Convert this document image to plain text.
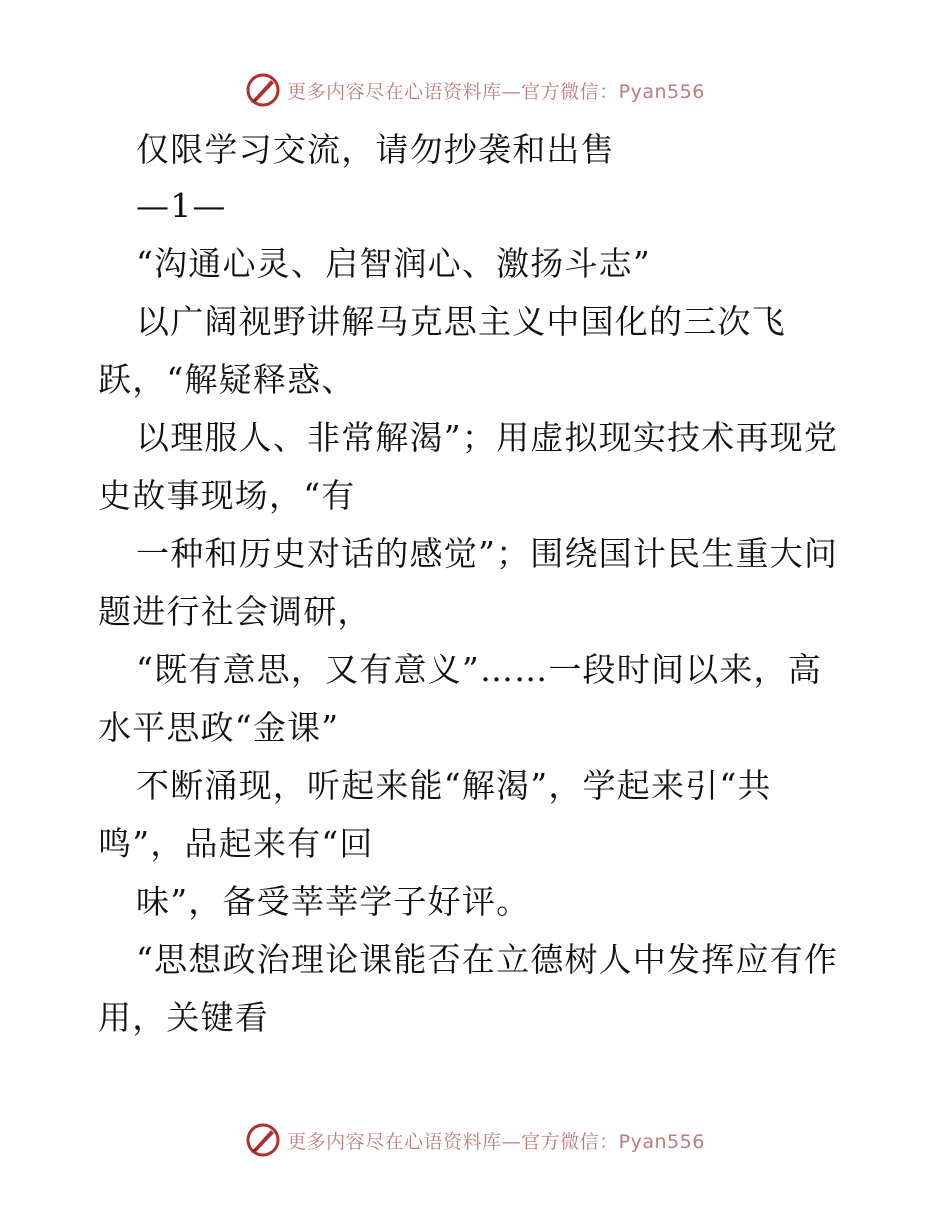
更多内容尽在心语资料库—官方微信：Pyan556
仅限学习交流，请勿抄袭和出售
—1—
“沟通心灵、启智润心、激扬斗志”
以广阔视野讲解马克思主义中国化的三次飞
跃，“解疑释惑、
以理服人、非常解渴”；用虚拟现实技术再现党
史故事现场，“有
一种和历史对话的感觉”；围绕国计民生重大问
题进行社会调研，
“既有意思，又有意义”……一段时间以来，高
水平思政“金课”
不断涌现，听起来能“解渴”，学起来引“共
鸣”，品起来有“回
味”，备受莘莘学子好评。
“思想政治理论课能否在立德树人中发挥应有作
用，关键看
更多内容尽在心语资料库—官方微信：Pyan556
